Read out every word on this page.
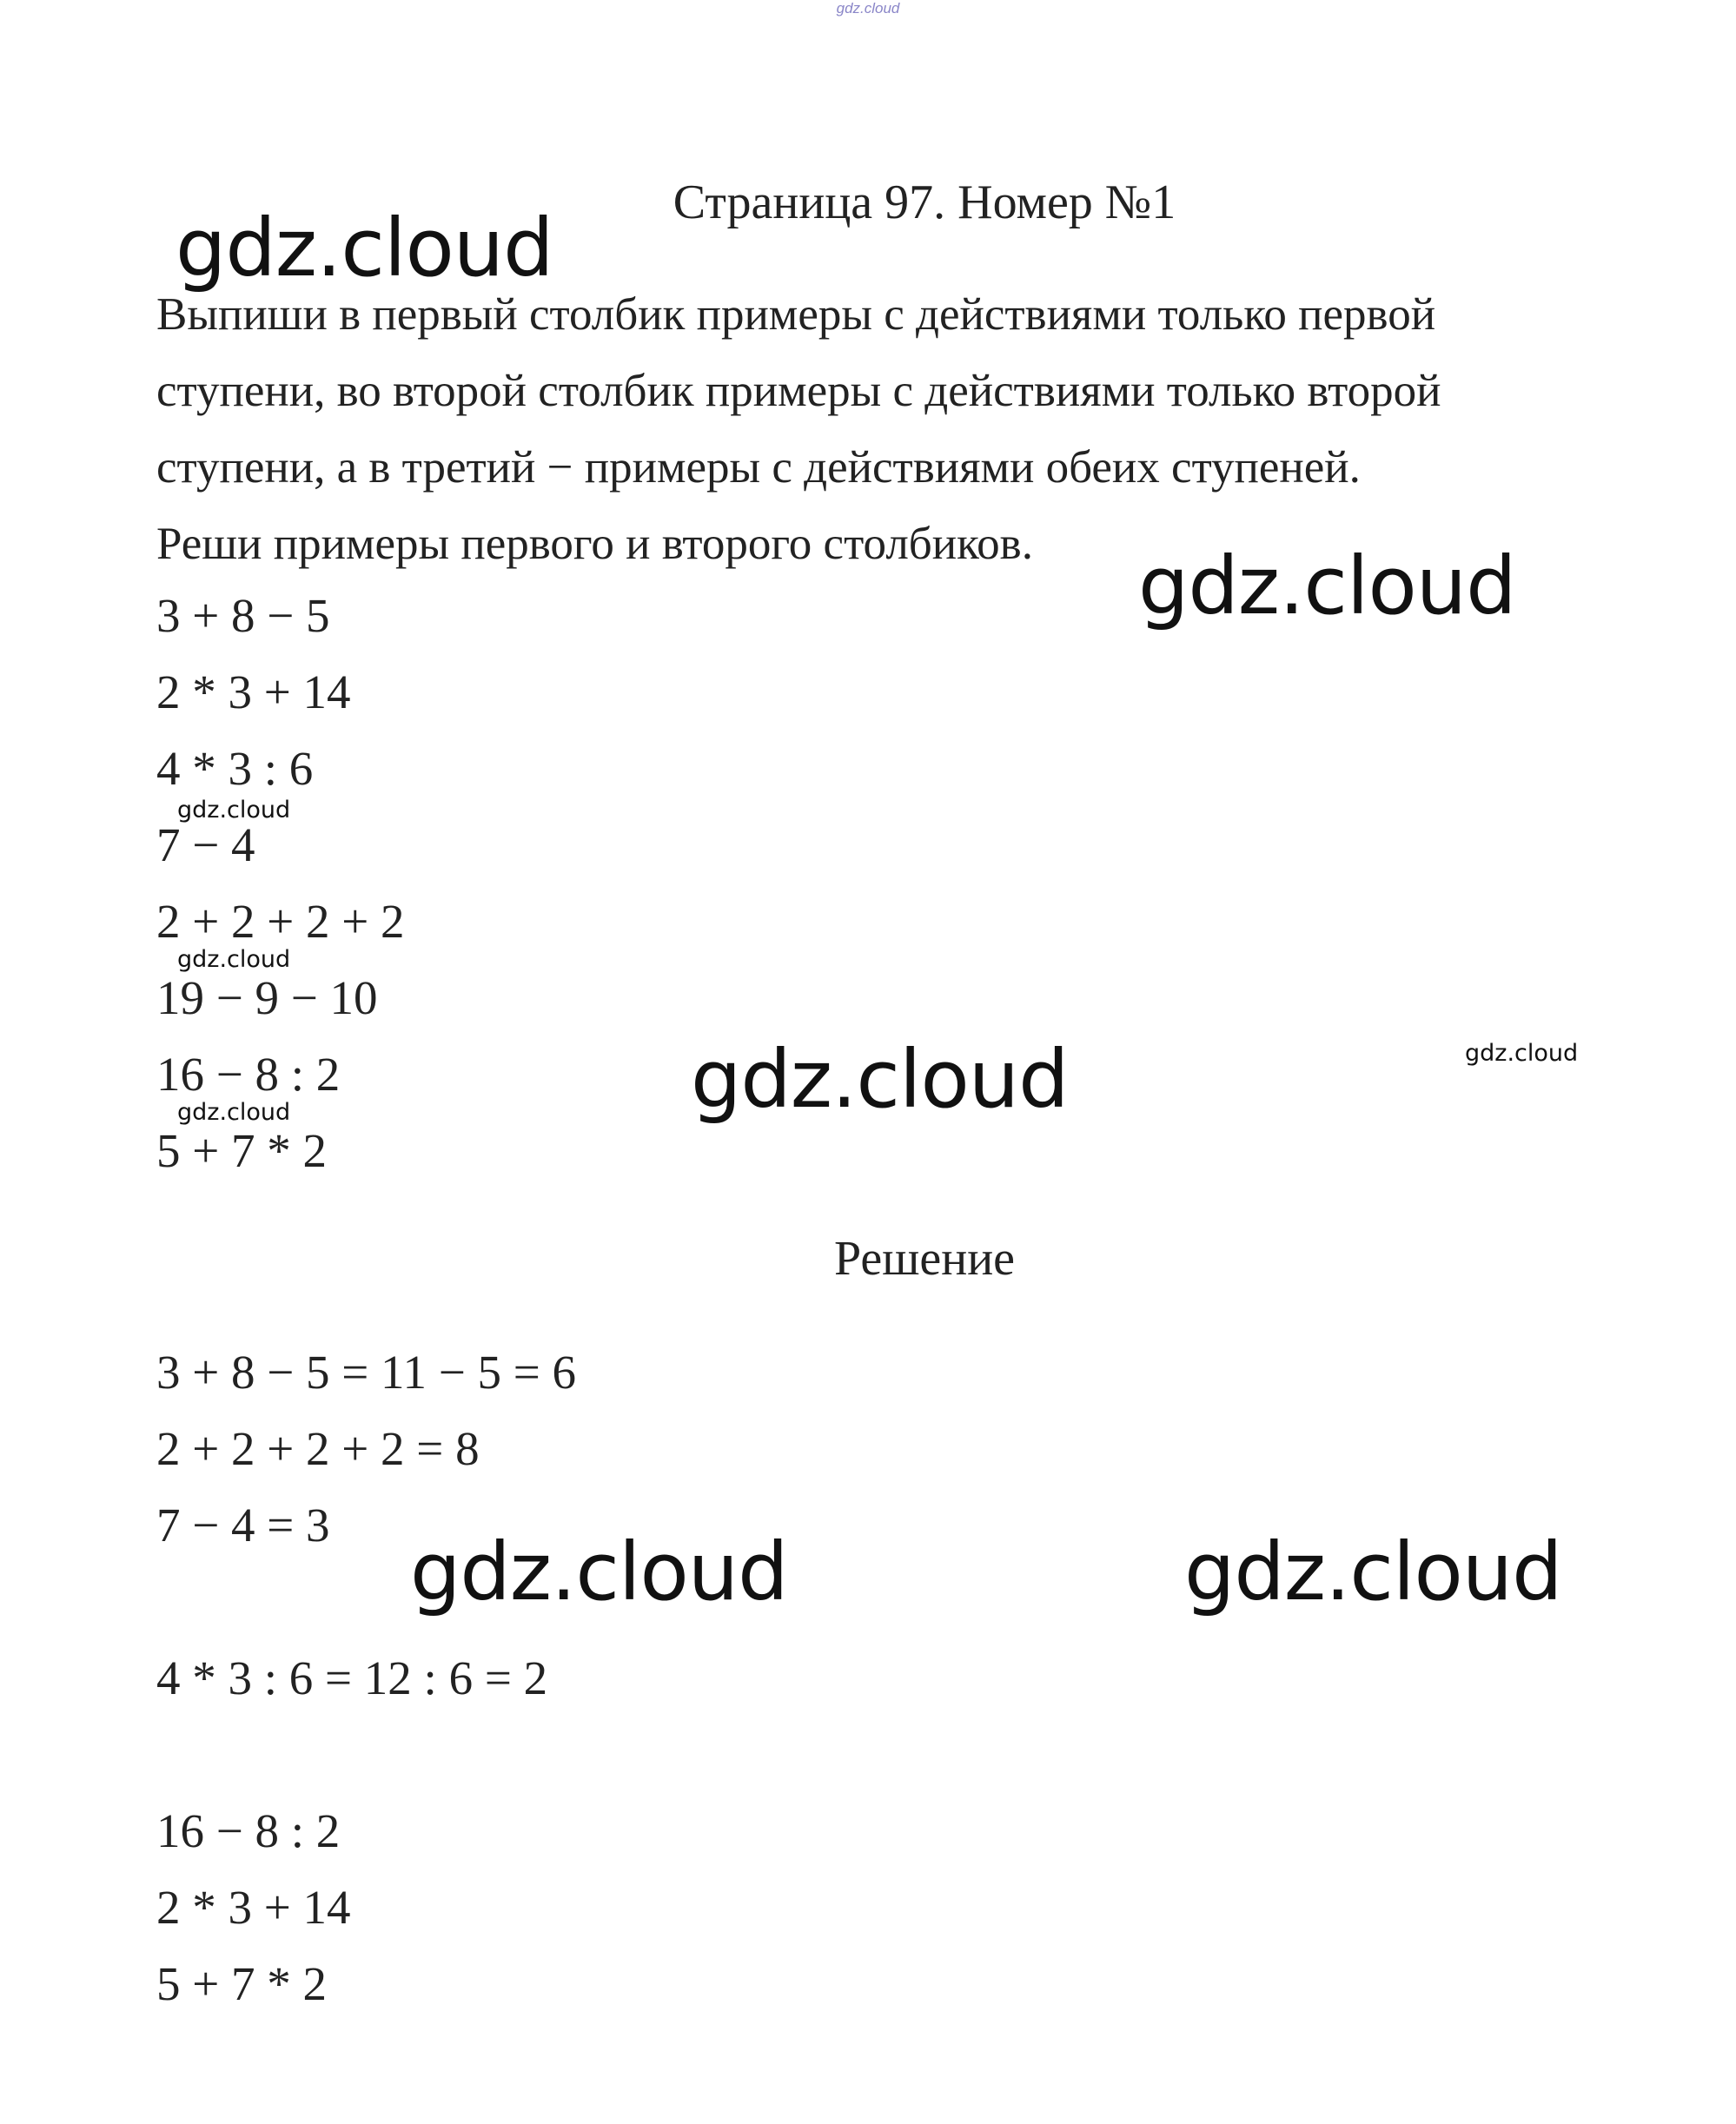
gdz.cloud
Страница 97. Номер №1

Выпиши в первый столбик примеры с действиями только первой

ступени, во второй столбик примеры с действиями только второй

ступени, а в третий − примеры с действиями обеих ступеней.

Реши примеры первого и второго столбиков.

3 + 8 − 5
2 * 3 + 14
4 * 3 : 6
7 − 4
2 + 2 + 2 + 2
19 − 9 − 10
16 − 8 : 2
5 + 7 * 2
Решение
3 + 8 − 5 = 11 − 5 = 6
2 + 2 + 2 + 2 = 8
7 − 4 = 3
4 * 3 : 6 = 12 : 6 = 2
16 − 8 : 2
2 * 3 + 14
5 + 7 * 2
gdz.cloud
gdz.cloud
gdz.cloud
gdz.cloud	gdz.cloud
gdz.cloud
gdz.cloud
gdz.cloud
gdz.cloud
